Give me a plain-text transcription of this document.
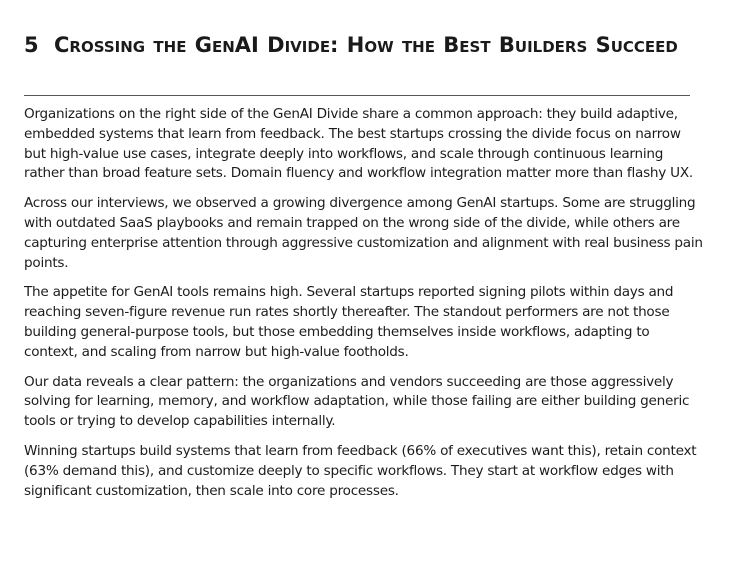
5 Crossing the GenAI Divide: How the Best Builders Succeed

Organizations on the right side of the GenAI Divide share a common approach: they build adaptive, embedded systems that learn from feedback. The best startups crossing the divide focus on narrow but high-value use cases, integrate deeply into workflows, and scale through continuous learning rather than broad feature sets. Domain fluency and workflow integration matter more than flashy UX.

Across our interviews, we observed a growing divergence among GenAI startups. Some are struggling with outdated SaaS playbooks and remain trapped on the wrong side of the divide, while others are capturing enterprise attention through aggressive customization and alignment with real business pain points.

The appetite for GenAI tools remains high. Several startups reported signing pilots within days and reaching seven-figure revenue run rates shortly thereafter. The standout performers are not those building general-purpose tools, but those embedding themselves inside workflows, adapting to context, and scaling from narrow but high-value footholds.

Our data reveals a clear pattern: the organizations and vendors succeeding are those aggressively solving for learning, memory, and workflow adaptation, while those failing are either building generic tools or trying to develop capabilities internally.

Winning startups build systems that learn from feedback (66% of executives want this), retain context (63% demand this), and customize deeply to specific workflows. They start at workflow edges with significant customization, then scale into core processes.
